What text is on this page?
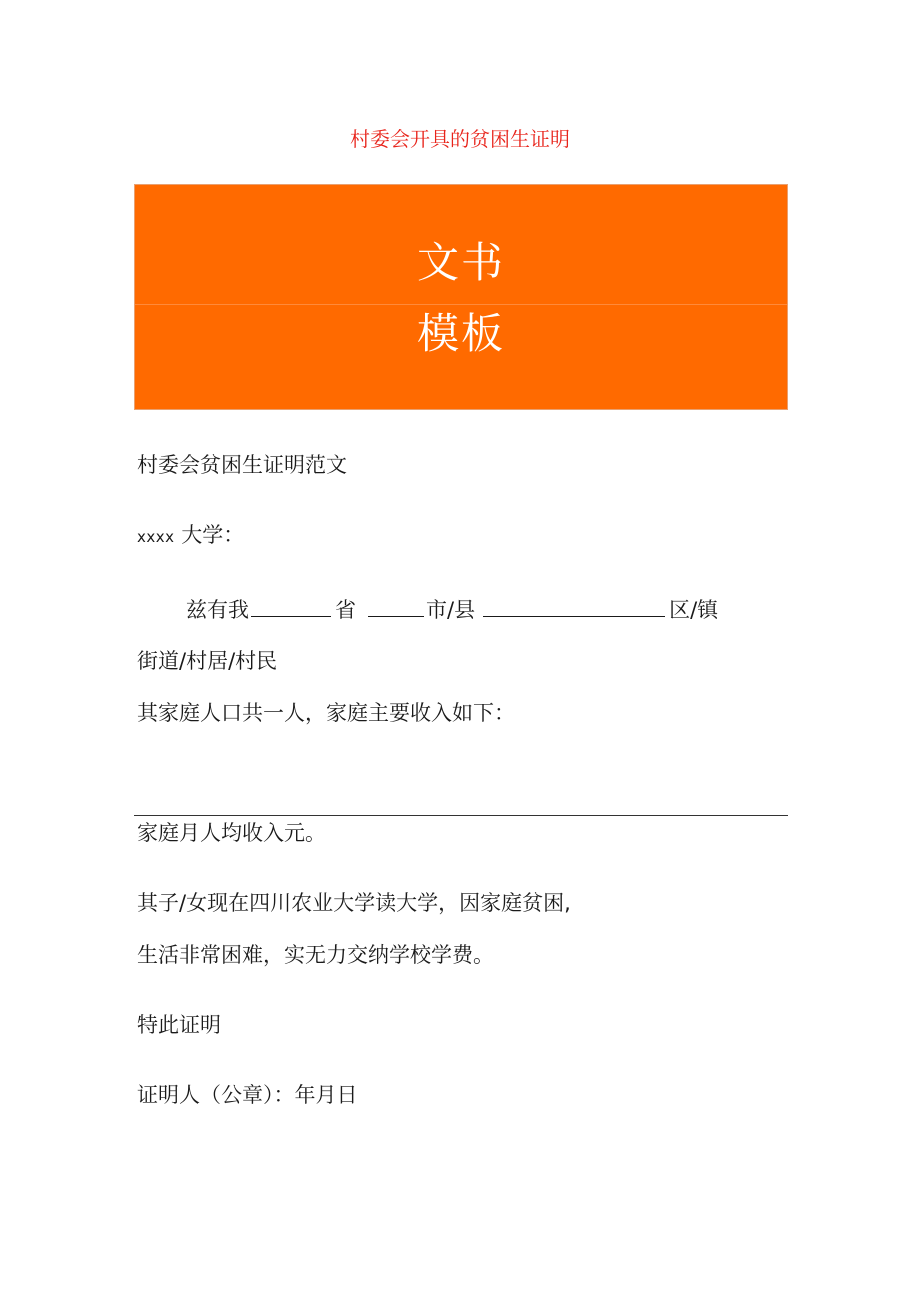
村委会开具的贫困生证明
文书
模板
村委会贫困生证明范文
xxxx 大学：
兹有我	省	市/县	区/镇
街道/村居/村民
其家庭人口共一人，家庭主要收入如下：
家庭月人均收入元。
其子/女现在四川农业大学读大学，因家庭贫困,
生活非常困难，实无力交纳学校学费。
特此证明
证明人（公章）：年月日
